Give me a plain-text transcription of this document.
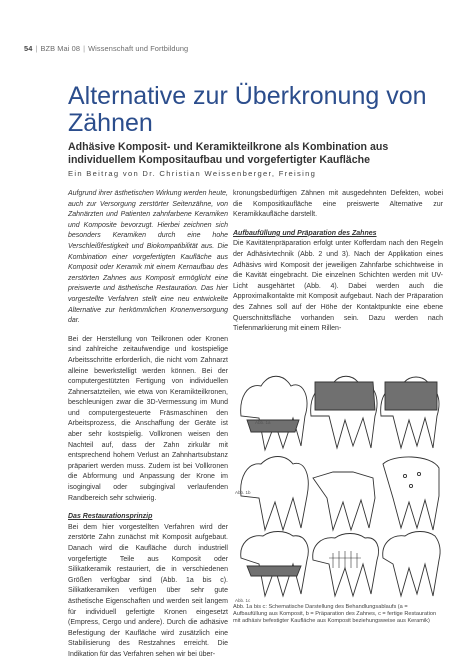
54 | BZB Mai 08 | Wissenschaft und Fortbildung
Alternative zur Überkronung von Zähnen
Adhäsive Komposit- und Keramikteilkrone als Kombination aus individuellem Kompositaufbau und vorgefertigter Kaufläche
Ein Beitrag von Dr. Christian Weissenberger, Freising

Aufgrund ihrer ästhetischen Wirkung werden heute, auch zur Versorgung zerstörter Seitenzähne, von Zahnärzten und Patienten zahnfarbene Keramiken und Komposite bevorzugt. Hierbei zeichnen sich besonders Keramiken durch eine hohe Verschleißfestigkeit und Biokompatibilität aus. Die Kombination einer vorgefertigten Kaufläche aus Komposit oder Keramik mit einem Kernaufbau des zerstörten Zahnes aus Komposit ermöglicht eine preiswerte und ästhetische Restauration. Das hier vorgestellte Verfahren stellt eine neu entwickelte Alternative zur herkömmlichen Kronenversorgung dar.

Bei der Herstellung von Teilkronen oder Kronen sind zahlreiche zeitaufwendige und kostspielige Arbeitsschritte erforderlich, die nicht vom Zahnarzt alleine bewerkstelligt werden können. Bei der computergestützten Fertigung von individuellen Zahnersatzteilen, wie etwa von Keramikteilkronen, beschleunigen zwar die 3D-Vermessung im Mund und computergesteuerte Fräsmaschinen den Arbeitsprozess, die Anschaffung der Geräte ist aber sehr kostspielig. Vollkronen weisen den Nachteil auf, dass der Zahn zirkulär mit entsprechend hohem Verlust an Zahnhartsubstanz präpariert werden muss. Zudem ist bei Vollkronen die Abformung und Anpassung der Krone im isogingival oder subgingival verlaufenden Randbereich sehr schwierig.

Das Restaurationsprinzip

Bei dem hier vorgestellten Verfahren wird der zerstörte Zahn zunächst mit Komposit aufgebaut. Danach wird die Kaufläche durch industriell vorgefertigte Teile aus Komposit oder Silikatkeramik restauriert, die in verschiedenen Größen verfügbar sind (Abb. 1a bis c). Silikatkeramiken verfügen über sehr gute ästhetische Eigenschaften und werden seit langem für individuell gefertigte Kronen eingesetzt (Empress, Cergo und andere). Durch die adhäsive Befestigung der Kaufläche wird zusätzlich eine Stabilisierung des Restzahnes erreicht. Die Indikation für das Verfahren sehen wir bei über-

kronungsbedürftigen Zähnen mit ausgedehnten Defekten, wobei die Kompositkaufläche eine preiswerte Alternative zur Keramikkaufläche darstellt.

Aufbaufüllung und Präparation des Zahnes

Die Kavitätenpräparation erfolgt unter Kofferdam nach den Regeln der Adhäsivtechnik (Abb. 2 und 3). Nach der Applikation eines Adhäsivs wird Komposit der jeweiligen Zahnfarbe schichtweise in die Kavität eingebracht. Die einzelnen Schichten werden mit UV-Licht ausgehärtet (Abb. 4). Dabei werden auch die Approximalkontakte mit Komposit aufgebaut. Nach der Präparation des Zahnes soll auf der Höhe der Kontaktpunkte eine ebene Querschnittsfläche vorhanden sein. Dazu werden nach Tiefenmarkierung mit einem Rillen-

Abb. 1a
Abb. 1b
Abb. 1c
Abb. 1a bis c: Schematische Darstellung des Behandlungsablaufs (a = Aufbaufüllung aus Komposit, b = Präparation des Zahnes, c = fertige Restauration mit adhäsiv befestigter Kaufläche aus Komposit beziehungsweise aus Keramik)
